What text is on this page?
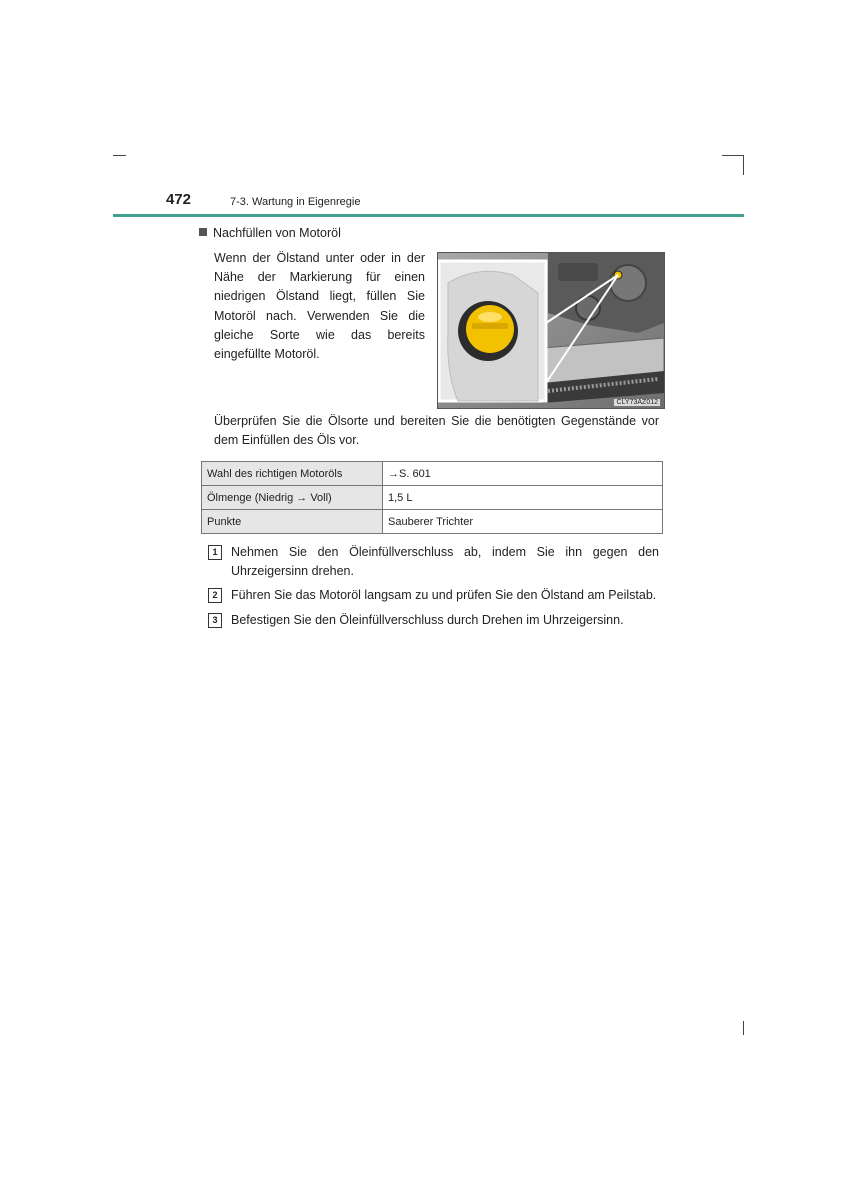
472	7-3. Wartung in Eigenregie
Nachfüllen von Motoröl
Wenn der Ölstand unter oder in der Nähe der Markierung für einen niedrigen Ölstand liegt, füllen Sie Motoröl nach. Verwenden Sie die gleiche Sorte wie das bereits eingefüllte Motoröl.
CLY73AZ012
Überprüfen Sie die Ölsorte und bereiten Sie die benötigten Gegenstände vor dem Einfüllen des Öls vor.
Wahl des richtigen Motoröls	→S. 601
Ölmenge (Niedrig → Voll)	1,5 L
Punkte	Sauberer Trichter
1	Nehmen Sie den Öleinfüllverschluss ab, indem Sie ihn gegen den Uhrzeigersinn drehen.
2	Führen Sie das Motoröl langsam zu und prüfen Sie den Ölstand am Peilstab.
3	Befestigen Sie den Öleinfüllverschluss durch Drehen im Uhrzeigersinn.
